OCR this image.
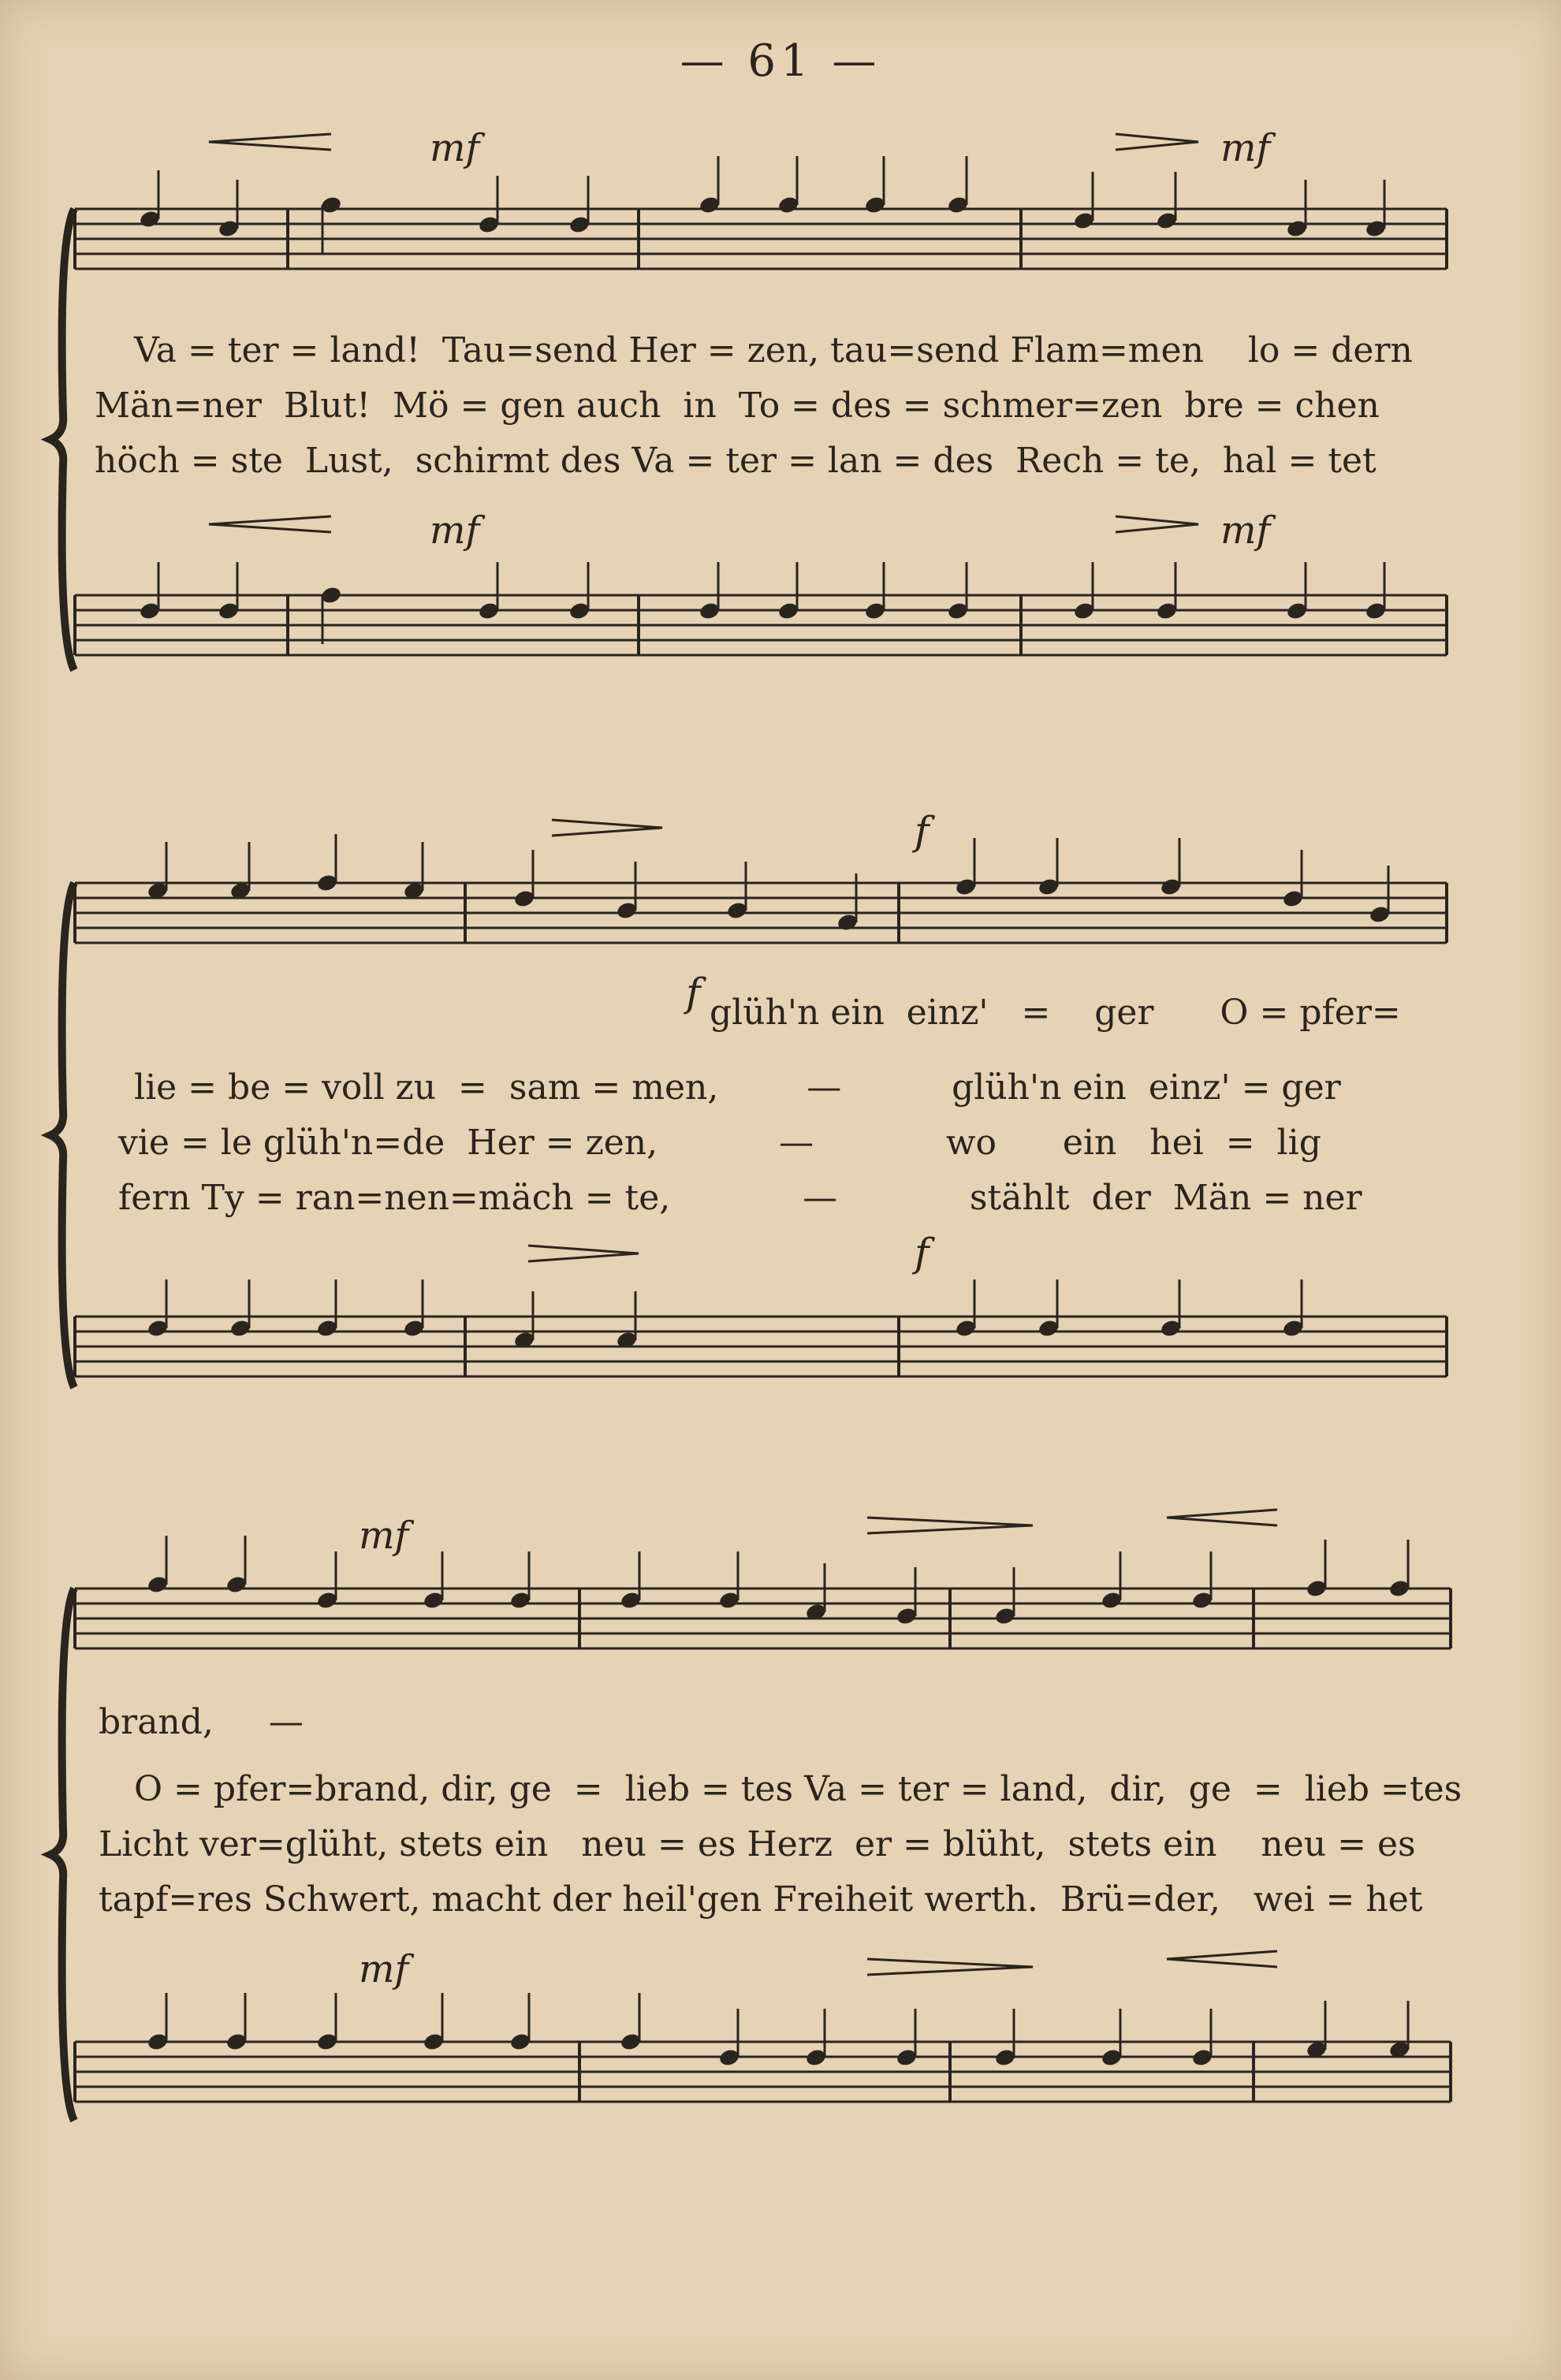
— 61 —
mf	mf
mf	mf
f
f
f
mf
mf
Va = ter = land!  Tau=send Her = zen, tau=send Flam=men    lo = dern
Män=ner  Blut!  Mö = gen auch  in  To = des = schmer=zen  bre = chen
höch = ste  Lust,  schirmt des Va = ter = lan = des  Rech = te,  hal = tet
glüh'n ein  einz'   =    ger      O = pfer=
lie = be = voll zu  =  sam = men,        —          glüh'n ein  einz' = ger
vie = le glüh'n=de  Her = zen,           —            wo      ein   hei  =  lig
fern Ty = ran=nen=mäch = te,            —            stählt  der  Män = ner
brand,     —
O = pfer=brand, dir, ge  =  lieb = tes Va = ter = land,  dir,  ge  =  lieb =tes
Licht ver=glüht, stets ein   neu = es Herz  er = blüht,  stets ein    neu = es
tapf=res Schwert, macht der heil'gen Freiheit werth.  Brü=der,   wei = het
